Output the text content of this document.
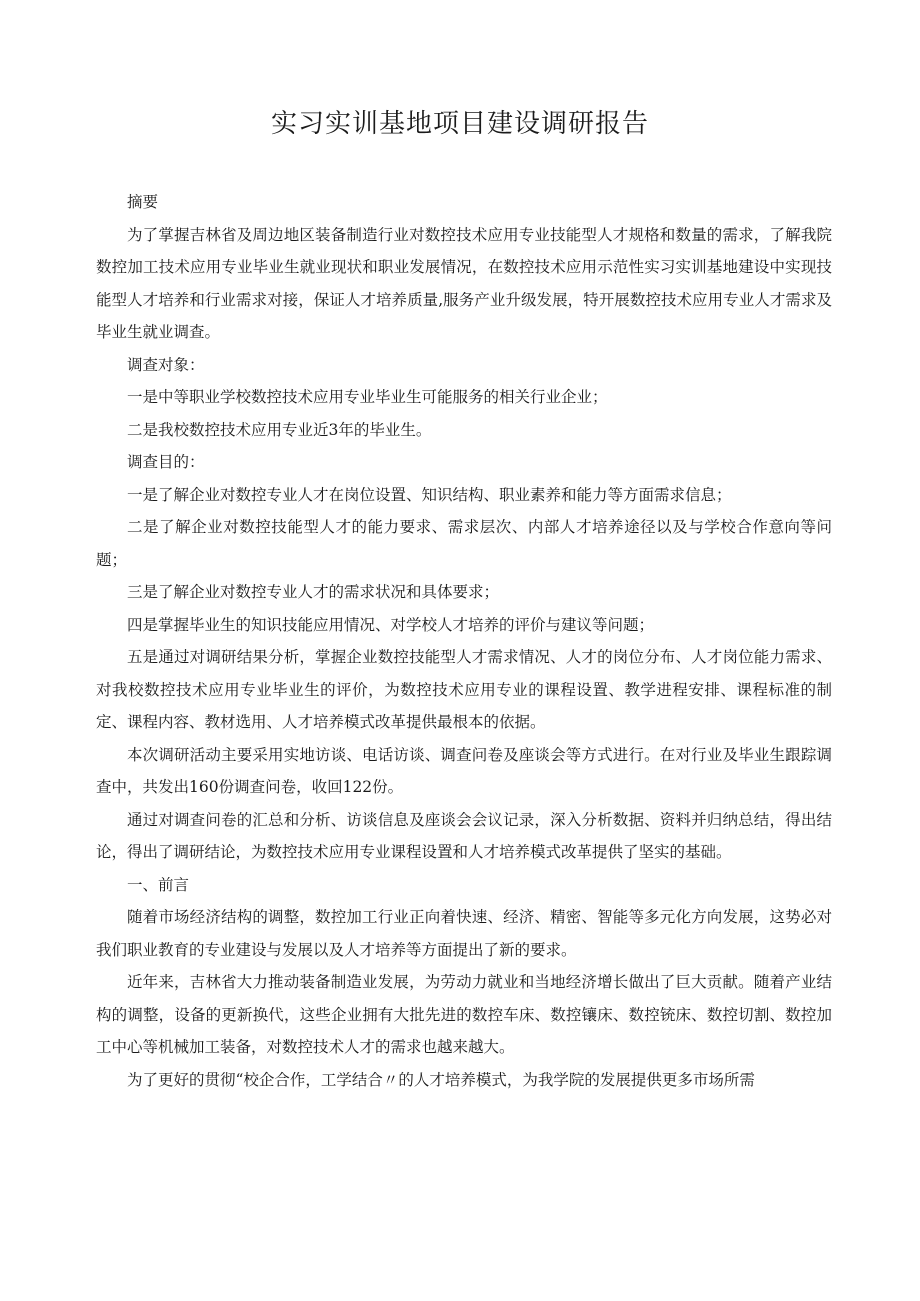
实习实训基地项目建设调研报告

摘要

为了掌握吉林省及周边地区装备制造行业对数控技术应用专业技能型人才规格和数量的需求，了解我院数控加工技术应用专业毕业生就业现状和职业发展情况，在数控技术应用示范性实习实训基地建设中实现技能型人才培养和行业需求对接，保证人才培养质量,服务产业升级发展，特开展数控技术应用专业人才需求及毕业生就业调查。

调查对象：

一是中等职业学校数控技术应用专业毕业生可能服务的相关行业企业；

二是我校数控技术应用专业近3年的毕业生。

调查目的：

一是了解企业对数控专业人才在岗位设置、知识结构、职业素养和能力等方面需求信息；

二是了解企业对数控技能型人才的能力要求、需求层次、内部人才培养途径以及与学校合作意向等问题；

三是了解企业对数控专业人才的需求状况和具体要求；

四是掌握毕业生的知识技能应用情况、对学校人才培养的评价与建议等问题；

五是通过对调研结果分析，掌握企业数控技能型人才需求情况、人才的岗位分布、人才岗位能力需求、对我校数控技术应用专业毕业生的评价，为数控技术应用专业的课程设置、教学进程安排、课程标准的制定、课程内容、教材选用、人才培养模式改革提供最根本的依据。

本次调研活动主要采用实地访谈、电话访谈、调查问卷及座谈会等方式进行。在对行业及毕业生跟踪调查中，共发出160份调查问卷，收回122份。

通过对调查问卷的汇总和分析、访谈信息及座谈会会议记录，深入分析数据、资料并归纳总结，得出结论，得出了调研结论，为数控技术应用专业课程设置和人才培养模式改革提供了坚实的基础。

一、前言

随着市场经济结构的调整，数控加工行业正向着快速、经济、精密、智能等多元化方向发展，这势必对我们职业教育的专业建设与发展以及人才培养等方面提出了新的要求。

近年来，吉林省大力推动装备制造业发展，为劳动力就业和当地经济增长做出了巨大贡献。随着产业结构的调整，设备的更新换代，这些企业拥有大批先进的数控车床、数控镶床、数控铳床、数控切割、数控加工中心等机械加工装备，对数控技术人才的需求也越来越大。

为了更好的贯彻“校企合作，工学结合〃的人才培养模式，为我学院的发展提供更多市场所需
